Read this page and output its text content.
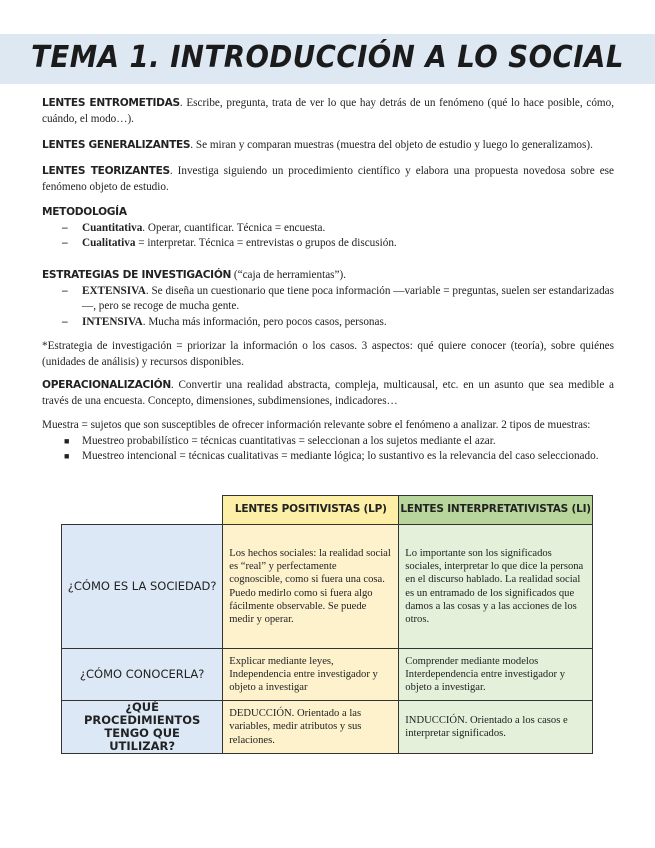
TEMA 1. INTRODUCCIÓN A LO SOCIAL
LENTES ENTROMETIDAS. Escribe, pregunta, trata de ver lo que hay detrás de un fenómeno (qué lo hace posible, cómo, cuándo, el modo…).
LENTES GENERALIZANTES. Se miran y comparan muestras (muestra del objeto de estudio y luego lo generalizamos).
LENTES TEORIZANTES. Investiga siguiendo un procedimiento científico y elabora una propuesta novedosa sobre ese fenómeno objeto de estudio.
METODOLOGÍA
– Cuantitativa. Operar, cuantificar. Técnica = encuesta.
– Cualitativa = interpretar. Técnica = entrevistas o grupos de discusión.
ESTRATEGIAS DE INVESTIGACIÓN (“caja de herramientas”).
– EXTENSIVA. Se diseña un cuestionario que tiene poca información —variable = preguntas, suelen ser estandarizadas—, pero se recoge de mucha gente.
– INTENSIVA. Mucha más información, pero pocos casos, personas.
*Estrategia de investigación = priorizar la información o los casos. 3 aspectos: qué quiere conocer (teoría), sobre quiénes (unidades de análisis) y recursos disponibles.
OPERACIONALIZACIÓN. Convertir una realidad abstracta, compleja, multicausal, etc. en un asunto que sea medible a través de una encuesta. Concepto, dimensiones, subdimensiones, indicadores…
Muestra = sujetos que son susceptibles de ofrecer información relevante sobre el fenómeno a analizar. 2 tipos de muestras:
■ Muestreo probabilístico = técnicas cuantitativas = seleccionan a los sujetos mediante el azar.
■ Muestreo intencional = técnicas cualitativas = mediante lógica; lo sustantivo es la relevancia del caso seleccionado.
	LENTES POSITIVISTAS (LP)	LENTES INTERPRETATIVISTAS (LI)
¿CÓMO ES LA SOCIEDAD?	Los hechos sociales: la realidad social es “real” y perfectamente cognoscible, como si fuera una cosa. Puedo medirlo como si fuera algo fácilmente observable. Se puede medir y operar.	Lo importante son los significados sociales, interpretar lo que dice la persona en el discurso hablado. La realidad social es un entramado de los significados que damos a las cosas y a las acciones de los otros.
¿CÓMO CONOCERLA?	Explicar mediante leyes, Independencia entre investigador y objeto a investigar	Comprender mediante modelos Interdependencia entre investigador y objeto a investigar.
¿QUÉ PROCEDIMIENTOS TENGO QUE UTILIZAR?	DEDUCCIÓN. Orientado a las variables, medir atributos y sus relaciones.	INDUCCIÓN. Orientado a los casos e interpretar significados.
